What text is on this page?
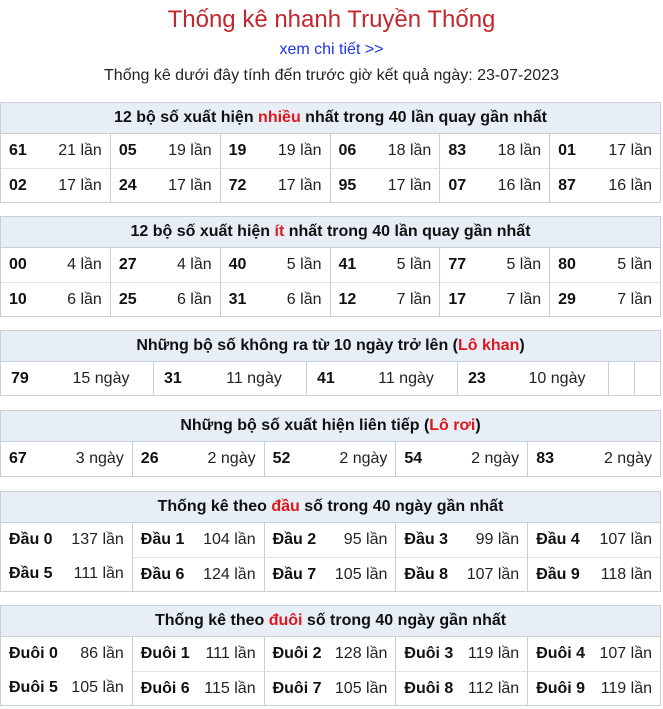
Thống kê nhanh Truyền Thống
xem chi tiết >>
Thống kê dưới đây tính đến trước giờ kết quả ngày: 23-07-2023
12 bộ số xuất hiện nhiều nhất trong 40 lần quay gần nhất
61 21 lần 05 19 lần 19 19 lần 06 18 lần 83 18 lần 01 17 lần
02 17 lần 24 17 lần 72 17 lần 95 17 lần 07 16 lần 87 16 lần
12 bộ số xuất hiện ít nhất trong 40 lần quay gần nhất
00	4 lần 27	4 lần 40	5 lần 41	5 lần 77	5 lần 80	5 lần
10	6 lần 25	6 lần 31	6 lần 12	7 lần 17	7 lần 29	7 lần
Những bộ số không ra từ 10 ngày trở lên (Lô khan)
79	15 ngày	31	11 ngày	41	11 ngày	23	10 ngày
Những bộ số xuất hiện liên tiếp (Lô rơi)
67	3 ngày 26	2 ngày 52	2 ngày 54	2 ngày 83	2 ngày
Thống kê theo đầu số trong 40 ngày gần nhất
Đầu 0 137 lần Đầu 1 104 lần Đầu 2 95 lần Đầu 3 99 lần Đầu 4 107 lần
Đầu 5 111 lần Đầu 6 124 lần Đầu 7 105 lần Đầu 8 107 lần Đầu 9 118 lần
Thống kê theo đuôi số trong 40 ngày gần nhất
Đuôi 0 86 lần Đuôi 1 111 lần Đuôi 2 128 lần Đuôi 3 119 lần Đuôi 4 107 lần
Đuôi 5 105 lần Đuôi 6 115 lần Đuôi 7 105 lần Đuôi 8 112 lần Đuôi 9 119 lần
